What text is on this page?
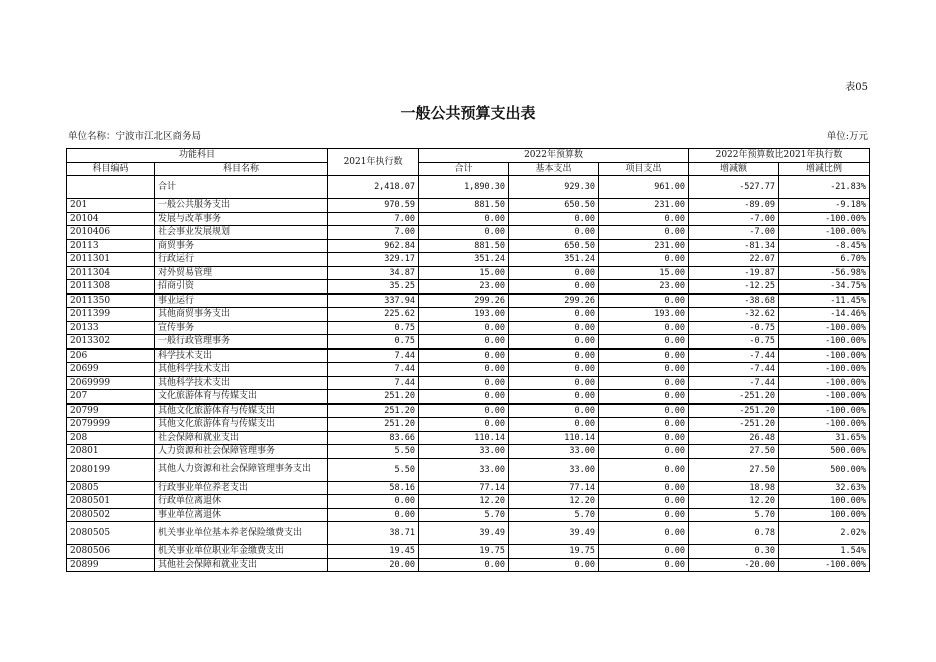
表05
一般公共预算支出表
单位名称：宁波市江北区商务局	单位:万元
功能科目		2021年执行数	2022年预算数			2022年预算数比2021年执行数	
科目编码	科目名称		合计	基本支出	项目支出	增减额	增减比例
	合计	2,418.07	1,890.30	929.30	961.00	-527.77	-21.83%
201	一般公共服务支出	970.59	881.50	650.50	231.00	-89.09	-9.18%
20104	发展与改革事务	7.00	0.00	0.00	0.00	-7.00	-100.00%
2010406	社会事业发展规划	7.00	0.00	0.00	0.00	-7.00	-100.00%
20113	商贸事务	962.84	881.50	650.50	231.00	-81.34	-8.45%
2011301	行政运行	329.17	351.24	351.24	0.00	22.07	6.70%
2011304	对外贸易管理	34.87	15.00	0.00	15.00	-19.87	-56.98%
2011308	招商引资	35.25	23.00	0.00	23.00	-12.25	-34.75%
2011350	事业运行	337.94	299.26	299.26	0.00	-38.68	-11.45%
2011399	其他商贸事务支出	225.62	193.00	0.00	193.00	-32.62	-14.46%
20133	宣传事务	0.75	0.00	0.00	0.00	-0.75	-100.00%
2013302	一般行政管理事务	0.75	0.00	0.00	0.00	-0.75	-100.00%
206	科学技术支出	7.44	0.00	0.00	0.00	-7.44	-100.00%
20699	其他科学技术支出	7.44	0.00	0.00	0.00	-7.44	-100.00%
2069999	其他科学技术支出	7.44	0.00	0.00	0.00	-7.44	-100.00%
207	文化旅游体育与传媒支出	251.20	0.00	0.00	0.00	-251.20	-100.00%
20799	其他文化旅游体育与传媒支出	251.20	0.00	0.00	0.00	-251.20	-100.00%
2079999	其他文化旅游体育与传媒支出	251.20	0.00	0.00	0.00	-251.20	-100.00%
208	社会保障和就业支出	83.66	110.14	110.14	0.00	26.48	31.65%
20801	人力资源和社会保障管理事务	5.50	33.00	33.00	0.00	27.50	500.00%
2080199	其他人力资源和社会保障管理事务支出	5.50	33.00	33.00	0.00	27.50	500.00%
20805	行政事业单位养老支出	58.16	77.14	77.14	0.00	18.98	32.63%
2080501	行政单位离退休	0.00	12.20	12.20	0.00	12.20	100.00%
2080502	事业单位离退休	0.00	5.70	5.70	0.00	5.70	100.00%
2080505	机关事业单位基本养老保险缴费支出	38.71	39.49	39.49	0.00	0.78	2.02%
2080506	机关事业单位职业年金缴费支出	19.45	19.75	19.75	0.00	0.30	1.54%
20899	其他社会保障和就业支出	20.00	0.00	0.00	0.00	-20.00	-100.00%
